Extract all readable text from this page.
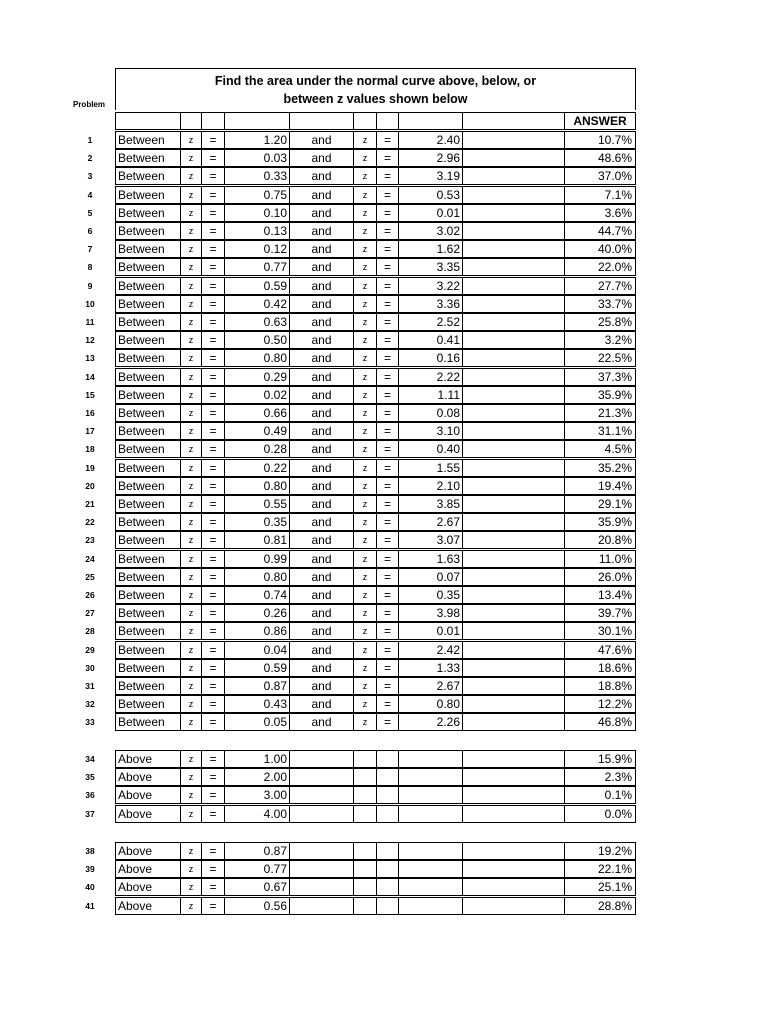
Find the area under the normal curve above, below, or
between z values shown below
Problem
ANSWER
1	Between	z	=	1.20	and	z	=	2.40	10.7%
2	Between	z	=	0.03	and	z	=	2.96	48.6%
3	Between	z	=	0.33	and	z	=	3.19	37.0%
4	Between	z	=	0.75	and	z	=	0.53	7.1%
5	Between	z	=	0.10	and	z	=	0.01	3.6%
6	Between	z	=	0.13	and	z	=	3.02	44.7%
7	Between	z	=	0.12	and	z	=	1.62	40.0%
8	Between	z	=	0.77	and	z	=	3.35	22.0%
9	Between	z	=	0.59	and	z	=	3.22	27.7%
10	Between	z	=	0.42	and	z	=	3.36	33.7%
11	Between	z	=	0.63	and	z	=	2.52	25.8%
12	Between	z	=	0.50	and	z	=	0.41	3.2%
13	Between	z	=	0.80	and	z	=	0.16	22.5%
14	Between	z	=	0.29	and	z	=	2.22	37.3%
15	Between	z	=	0.02	and	z	=	1.11	35.9%
16	Between	z	=	0.66	and	z	=	0.08	21.3%
17	Between	z	=	0.49	and	z	=	3.10	31.1%
18	Between	z	=	0.28	and	z	=	0.40	4.5%
19	Between	z	=	0.22	and	z	=	1.55	35.2%
20	Between	z	=	0.80	and	z	=	2.10	19.4%
21	Between	z	=	0.55	and	z	=	3.85	29.1%
22	Between	z	=	0.35	and	z	=	2.67	35.9%
23	Between	z	=	0.81	and	z	=	3.07	20.8%
24	Between	z	=	0.99	and	z	=	1.63	11.0%
25	Between	z	=	0.80	and	z	=	0.07	26.0%
26	Between	z	=	0.74	and	z	=	0.35	13.4%
27	Between	z	=	0.26	and	z	=	3.98	39.7%
28	Between	z	=	0.86	and	z	=	0.01	30.1%
29	Between	z	=	0.04	and	z	=	2.42	47.6%
30	Between	z	=	0.59	and	z	=	1.33	18.6%
31	Between	z	=	0.87	and	z	=	2.67	18.8%
32	Between	z	=	0.43	and	z	=	0.80	12.2%
33	Between	z	=	0.05	and	z	=	2.26	46.8%
34	Above	z	=	1.00	15.9%
35	Above	z	=	2.00	2.3%
36	Above	z	=	3.00	0.1%
37	Above	z	=	4.00	0.0%
38	Above	z	=	0.87	19.2%
39	Above	z	=	0.77	22.1%
40	Above	z	=	0.67	25.1%
41	Above	z	=	0.56	28.8%
